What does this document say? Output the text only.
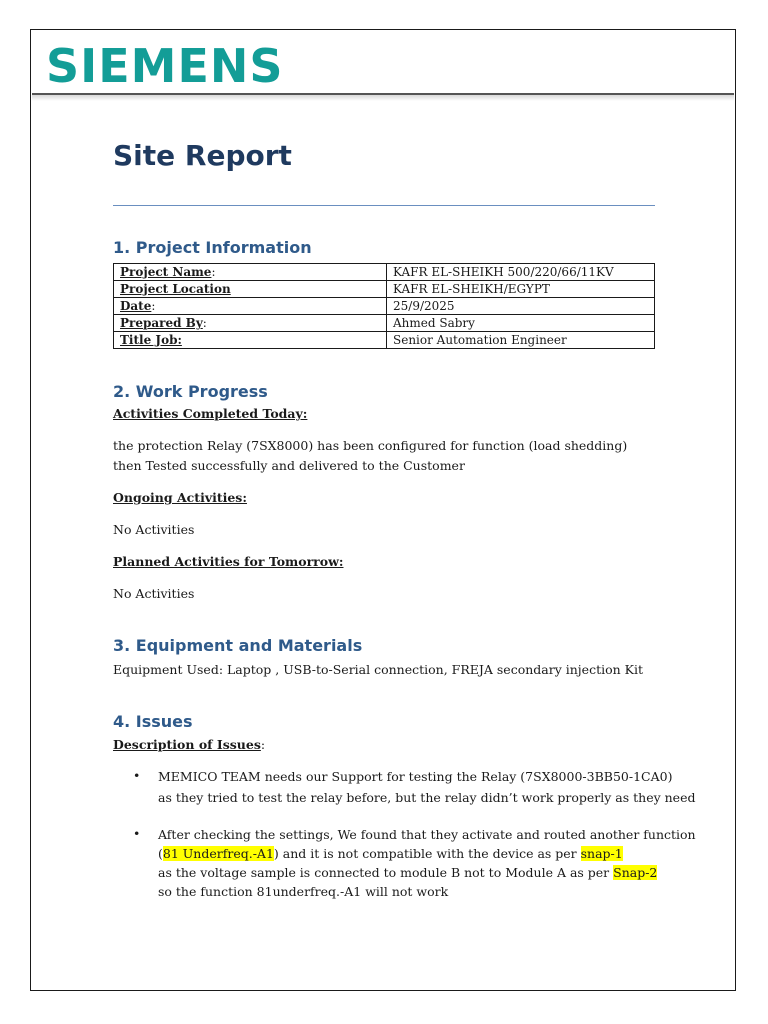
SIEMENS
Site Report
1. Project Information
Project Name:	KAFR EL-SHEIKH 500/220/66/11KV
Project Location	KAFR EL-SHEIKH/EGYPT
Date:	25/9/2025
Prepared By:	Ahmed Sabry
Title Job:	Senior Automation Engineer
2. Work Progress
Activities Completed Today:
the protection Relay (7SX8000) has been configured for function (load shedding)
then Tested successfully and delivered to the Customer
Ongoing Activities:
No Activities
Planned Activities for Tomorrow:
No Activities
3. Equipment and Materials
Equipment Used: Laptop , USB-to-Serial connection, FREJA secondary injection Kit
4. Issues
Description of Issues:
• MEMICO TEAM needs our Support for testing the Relay (7SX8000-3BB50-1CA0)
as they tried to test the relay before, but the relay didn’t work properly as they need
• After checking the settings, We found that they activate and routed another function
(81 Underfreq.-A1) and it is not compatible with the device as per snap-1
as the voltage sample is connected to module B not to Module A as per Snap-2
so the function 81underfreq.-A1 will not work
